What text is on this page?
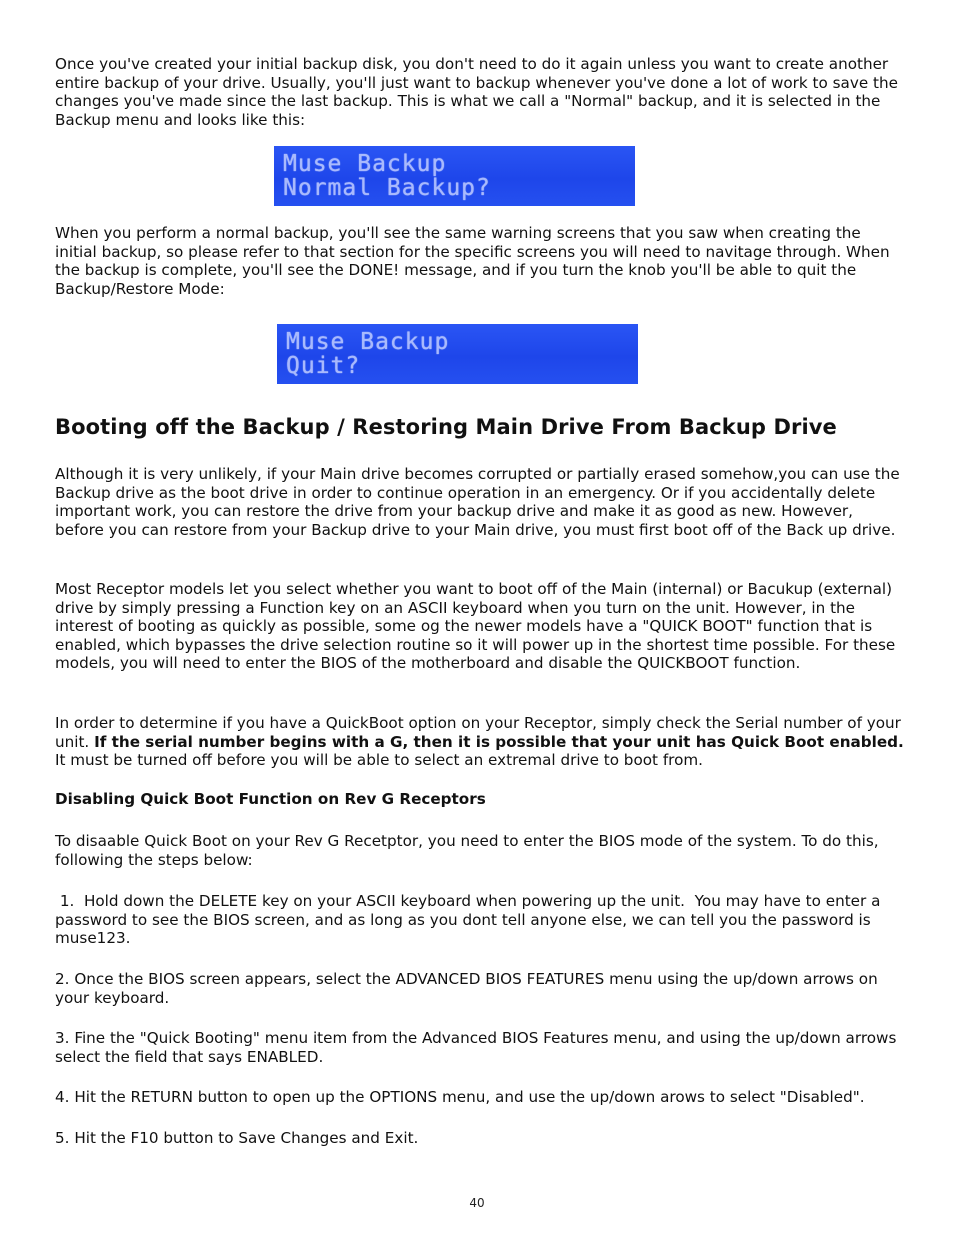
Once you've created your initial backup disk, you don't need to do it again unless you want to create another entire backup of your drive. Usually, you'll just want to backup whenever you've done a lot of work to save the changes you've made since the last backup. This is what we call a "Normal" backup, and it is selected in the Backup menu and looks like this:

Muse Backup
Normal Backup?

When you perform a normal backup, you'll see the same warning screens that you saw when creating the initial backup, so please refer to that section for the specific screens you will need to navitage through. When the backup is complete, you'll see the DONE! message, and if you turn the knob you'll be able to quit the Backup/Restore Mode:

Muse Backup
Quit?
Booting off the Backup / Restoring Main Drive From Backup Drive

Although it is very unlikely, if your Main drive becomes corrupted or partially erased somehow,you can use the Backup drive as the boot drive in order to continue operation in an emergency. Or if you accidentally delete important work, you can restore the drive from your backup drive and make it as good as new. However, before you can restore from your Backup drive to your Main drive, you must first boot off of the Back up drive.

Most Receptor models let you select whether you want to boot off of the Main (internal) or Bacukup (external) drive by simply pressing a Function key on an ASCII keyboard when you turn on the unit. However, in the interest of booting as quickly as possible, some og the newer models have a "QUICK BOOT" function that is enabled, which bypasses the drive selection routine so it will power up in the shortest time possible. For these models, you will need to enter the BIOS of the motherboard and disable the QUICKBOOT function.

In order to determine if you have a QuickBoot option on your Receptor, simply check the Serial number of your unit. If the serial number begins with a G, then it is possible that your unit has Quick Boot enabled. It must be turned off before you will be able to select an extremal drive to boot from.

Disabling Quick Boot Function on Rev G Receptors

To disaable Quick Boot on your Rev G Recetptor, you need to enter the BIOS mode of the system. To do this, following the steps below:

1.  Hold down the DELETE key on your ASCII keyboard when powering up the unit.  You may have to enter a password to see the BIOS screen, and as long as you dont tell anyone else, we can tell you the password is muse123.

2. Once the BIOS screen appears, select the ADVANCED BIOS FEATURES menu using the up/down arrows on your keyboard.

3. Fine the "Quick Booting" menu item from the Advanced BIOS Features menu, and using the up/down arrows select the field that says ENABLED.

4. Hit the RETURN button to open up the OPTIONS menu, and use the up/down arows to select "Disabled".

5. Hit the F10 button to Save Changes and Exit.

40
